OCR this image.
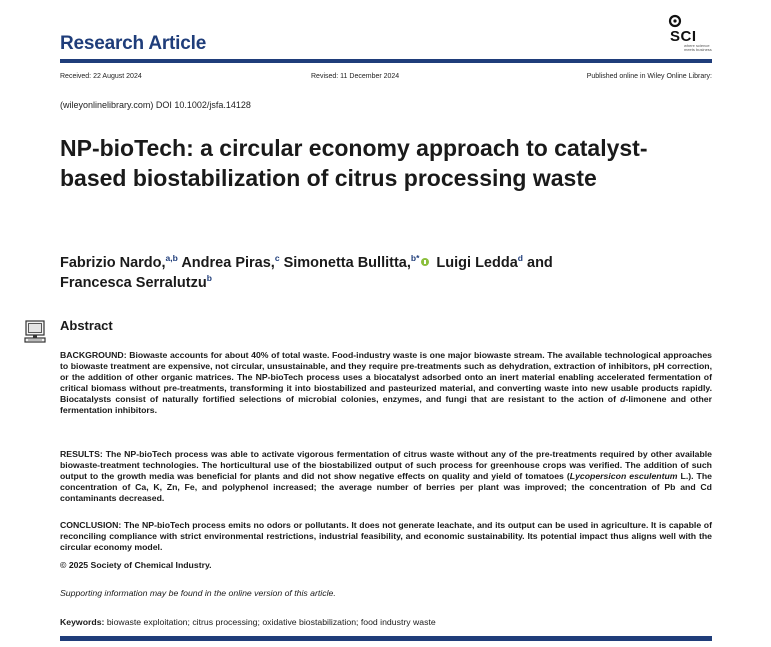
Research Article	SCI
where science meets business
Received: 22 August 2024	Revised: 11 December 2024	Published online in Wiley Online Library:
(wileyonlinelibrary.com) DOI 10.1002/jsfa.14128
NP-bioTech: a circular economy approach to catalyst-based biostabilization of citrus processing waste
Fabrizio Nardo,$^{a,b}$ Andrea Piras,$^c$ Simonetta Bullitta,$^{b*}$ Luigi Ledda$^d$ and
Francesca Serralutzu$^b$
Abstract

BACKGROUND: Biowaste accounts for about 40% of total waste. Food-industry waste is one major biowaste stream. The available technological approaches to biowaste treatment are expensive, not circular, unsustainable, and they require pre-treatments such as dehydration, extraction of inhibitors, pH correction, or the addition of other organic matrices. The NP-bioTech process uses a biocatalyst adsorbed onto an inert material enabling accelerated fermentation of critical biomass without pre-treatments, transforming it into biostabilized and pasteurized material, and converting waste into new usable products rapidly. Biocatalysts consist of naturally fortified selections of microbial colonies, enzymes, and fungi that are resistant to the action of d-limonene and other fermentation inhibitors.

RESULTS: The NP-bioTech process was able to activate vigorous fermentation of citrus waste without any of the pre-treatments required by other available biowaste-treatment technologies. The horticultural use of the biostabilized output of such process for greenhouse crops was verified. The addition of such output to the growth media was beneficial for plants and did not show negative effects on quality and yield of tomatoes (Lycopersicon esculentum L.). The concentration of Ca, K, Zn, Fe, and polyphenol increased; the average number of berries per plant was improved; the concentration of Pb and Cd contaminants decreased.

CONCLUSION: The NP-bioTech process emits no odors or pollutants. It does not generate leachate, and its output can be used in agriculture. It is capable of reconciling compliance with strict environmental restrictions, industrial feasibility, and economic sustainability. Its potential impact thus aligns well with the circular economy model.

© 2025 Society of Chemical Industry.
Supporting information may be found in the online version of this article.
Keywords: biowaste exploitation; citrus processing; oxidative biostabilization; food industry waste
